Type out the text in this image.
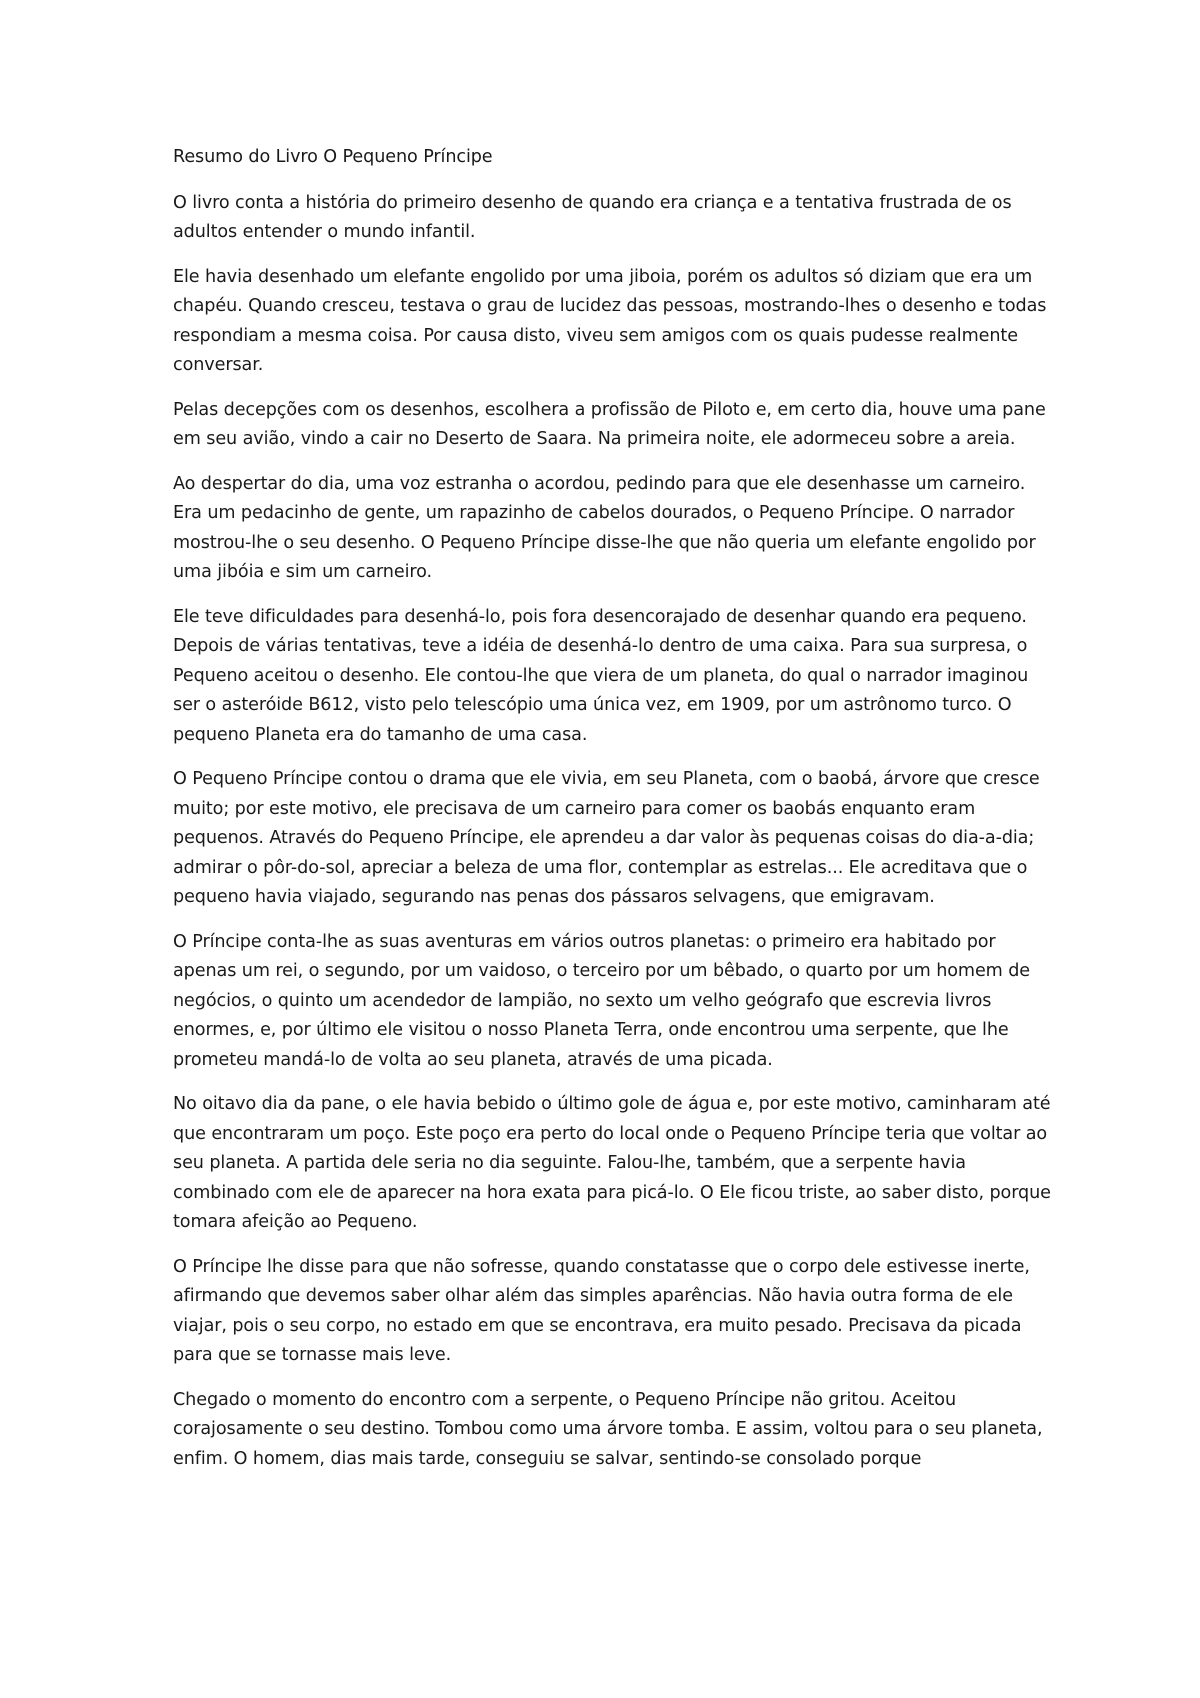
Resumo do Livro O Pequeno Príncipe

O livro conta a história do primeiro desenho de quando era criança e a tentativa frustrada de os adultos entender o mundo infantil.

Ele havia desenhado um elefante engolido por uma jiboia, porém os adultos só diziam que era um chapéu. Quando cresceu, testava o grau de lucidez das pessoas, mostrando-lhes o desenho e todas respondiam a mesma coisa. Por causa disto, viveu sem amigos com os quais pudesse realmente conversar.

Pelas decepções com os desenhos, escolhera a profissão de Piloto e, em certo dia, houve uma pane em seu avião, vindo a cair no Deserto de Saara. Na primeira noite, ele adormeceu sobre a areia.

Ao despertar do dia, uma voz estranha o acordou, pedindo para que ele desenhasse um carneiro. Era um pedacinho de gente, um rapazinho de cabelos dourados, o Pequeno Príncipe. O narrador mostrou-lhe o seu desenho. O Pequeno Príncipe disse-lhe que não queria um elefante engolido por uma jibóia e sim um carneiro.

Ele teve dificuldades para desenhá-lo, pois fora desencorajado de desenhar quando era pequeno. Depois de várias tentativas, teve a idéia de desenhá-lo dentro de uma caixa. Para sua surpresa, o Pequeno aceitou o desenho. Ele contou-lhe que viera de um planeta, do qual o narrador imaginou ser o asteróide B612, visto pelo telescópio uma única vez, em 1909, por um astrônomo turco. O pequeno Planeta era do tamanho de uma casa.

O Pequeno Príncipe contou o drama que ele vivia, em seu Planeta, com o baobá, árvore que cresce muito; por este motivo, ele precisava de um carneiro para comer os baobás enquanto eram pequenos. Através do Pequeno Príncipe, ele aprendeu a dar valor às pequenas coisas do dia-a-dia; admirar o pôr-do-sol, apreciar a beleza de uma flor, contemplar as estrelas... Ele acreditava que o pequeno havia viajado, segurando nas penas dos pássaros selvagens, que emigravam.

O Príncipe conta-lhe as suas aventuras em vários outros planetas: o primeiro era habitado por apenas um rei, o segundo, por um vaidoso, o terceiro por um bêbado, o quarto por um homem de negócios, o quinto um acendedor de lampião, no sexto um velho geógrafo que escrevia livros enormes, e, por último ele visitou o nosso Planeta Terra, onde encontrou uma serpente, que lhe prometeu mandá-lo de volta ao seu planeta, através de uma picada.

No oitavo dia da pane, o ele havia bebido o último gole de água e, por este motivo, caminharam até que encontraram um poço. Este poço era perto do local onde o Pequeno Príncipe teria que voltar ao seu planeta. A partida dele seria no dia seguinte. Falou-lhe, também, que a serpente havia combinado com ele de aparecer na hora exata para picá-lo. O Ele ficou triste, ao saber disto, porque tomara afeição ao Pequeno.

O Príncipe lhe disse para que não sofresse, quando constatasse que o corpo dele estivesse inerte, afirmando que devemos saber olhar além das simples aparências. Não havia outra forma de ele viajar, pois o seu corpo, no estado em que se encontrava, era muito pesado. Precisava da picada para que se tornasse mais leve.

Chegado o momento do encontro com a serpente, o Pequeno Príncipe não gritou. Aceitou corajosamente o seu destino. Tombou como uma árvore tomba. E assim, voltou para o seu planeta, enfim. O homem, dias mais tarde, conseguiu se salvar, sentindo-se consolado porque
